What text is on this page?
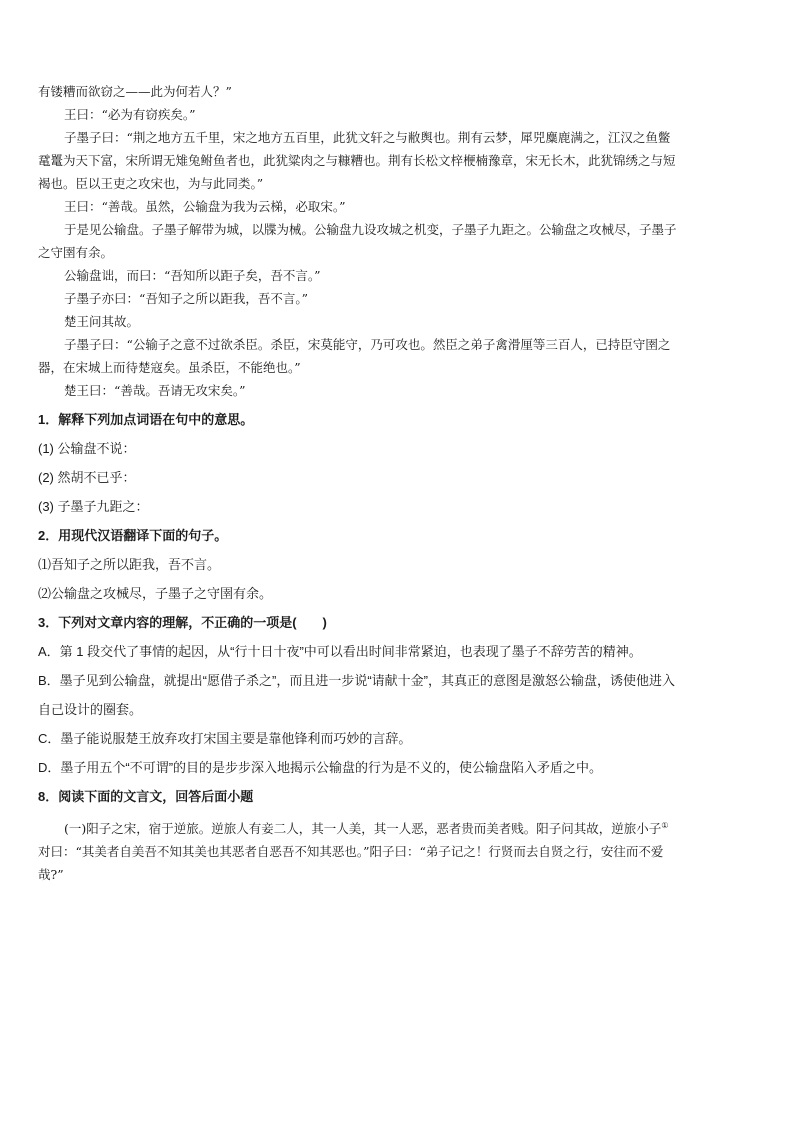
有镂糟而欲窃之——此为何若人？”
王曰：“必为有窃疾矣。”
子墨子曰：“荆之地方五千里，宋之地方五百里，此犹文轩之与敝舆也。荆有云梦，犀兕麋鹿满之，江汉之鱼鳖
鼋鼍为天下富，宋所谓无雉兔鲋鱼者也，此犹粱肉之与糠糟也。荆有长松文梓楩楠豫章，宋无长木，此犹锦绣之与短
褐也。臣以王吏之攻宋也，为与此同类。”
王曰：“善哉。虽然，公输盘为我为云梯，必取宋。”
于是见公输盘。子墨子解带为城，以牒为械。公输盘九设攻城之机变，子墨子九距之。公输盘之攻械尽，子墨子
之守圉有余。
公输盘诎，而曰：“吾知所以距子矣，吾不言。”
子墨子亦曰：“吾知子之所以距我，吾不言。”
楚王问其故。
子墨子曰：“公输子之意不过欲杀臣。杀臣，宋莫能守，乃可攻也。然臣之弟子禽滑厘等三百人，已持臣守圉之
器，在宋城上而待楚寇矣。虽杀臣，不能绝也。”
楚王曰：“善哉。吾请无攻宋矣。”
1．解释下列加点词语在句中的意思。
(1) 公输盘不说：
(2) 然胡不已乎：
(3) 子墨子九距之：
2．用现代汉语翻译下面的句子。
⑴吾知子之所以距我，吾不言。
⑵公输盘之攻械尽，子墨子之守圉有余。
3．下列对文章内容的理解，不正确的一项是(　　)
A．第 1 段交代了事情的起因，从“行十日十夜”中可以看出时间非常紧迫，也表现了墨子不辞劳苦的精神。
B．墨子见到公输盘，就提出“愿借子杀之”，而且进一步说“请献十金”，其真正的意图是激怒公输盘，诱使他进入
自己设计的圈套。
C．墨子能说服楚王放弃攻打宋国主要是靠他锋利而巧妙的言辞。
D．墨子用五个“不可谓”的目的是步步深入地揭示公输盘的行为是不义的，使公输盘陷入矛盾之中。
8．阅读下面的文言文，回答后面小题
(一)阳子之宋，宿于逆旅。逆旅人有妾二人，其一人美，其一人恶，恶者贵而美者贱。阳子问其故，逆旅小子①
对曰：“其美者自美吾不知其美也其恶者自恶吾不知其恶也。”阳子曰：“弟子记之！行贤而去自贤之行，安往而不爱
哉?”
